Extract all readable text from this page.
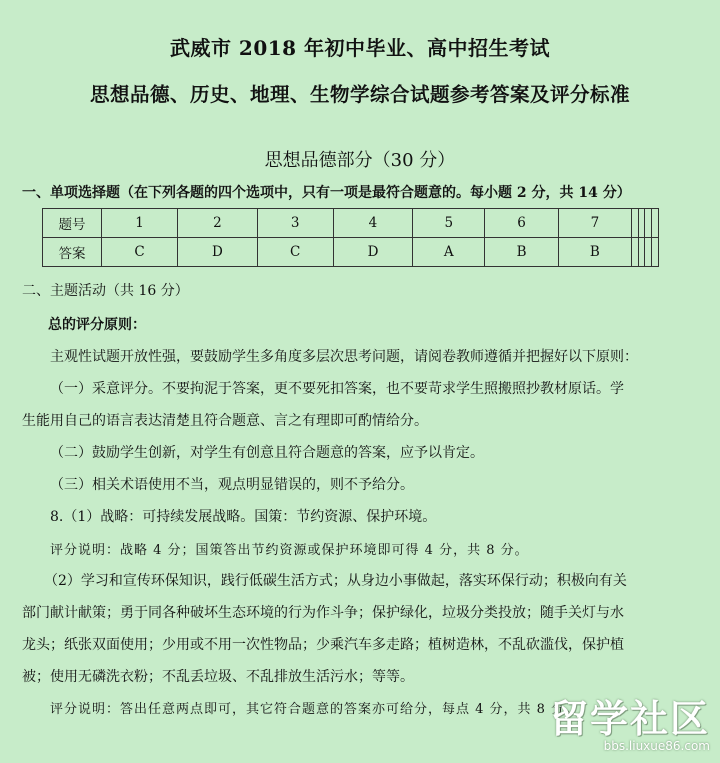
武威市 2018 年初中毕业、高中招生考试
思想品德、历史、地理、生物学综合试题参考答案及评分标准
思想品德部分（30 分）
一、单项选择题（在下列各题的四个选项中，只有一项是最符合题意的。每小题 2 分，共 14 分）
题号	1	2	3	4	5	6	7				
答案	C	D	C	D	A	B	B				
二、主题活动（共 16 分）
总的评分原则：
主观性试题开放性强，要鼓励学生多角度多层次思考问题，请阅卷教师遵循并把握好以下原则：
（一）采意评分。不要拘泥于答案，更不要死扣答案，也不要苛求学生照搬照抄教材原话。学
生能用自己的语言表达清楚且符合题意、言之有理即可酌情给分。
（二）鼓励学生创新，对学生有创意且符合题意的答案，应予以肯定。
（三）相关术语使用不当，观点明显错误的，则不予给分。
8.（1）战略：可持续发展战略。国策：节约资源、保护环境。
评分说明：战略 4 分；国策答出节约资源或保护环境即可得 4 分，共 8 分。
（2）学习和宣传环保知识，践行低碳生活方式；从身边小事做起，落实环保行动；积极向有关
部门献计献策；勇于同各种破坏生态环境的行为作斗争；保护绿化，垃圾分类投放；随手关灯与水
龙头；纸张双面使用；少用或不用一次性物品；少乘汽车多走路；植树造林，不乱砍滥伐，保护植
被；使用无磷洗衣粉；不乱丢垃圾、不乱排放生活污水；等等。
评分说明：答出任意两点即可，其它符合题意的答案亦可给分，每点 4 分，共 8 分。
留学社区
bbs.liuxue86.com
